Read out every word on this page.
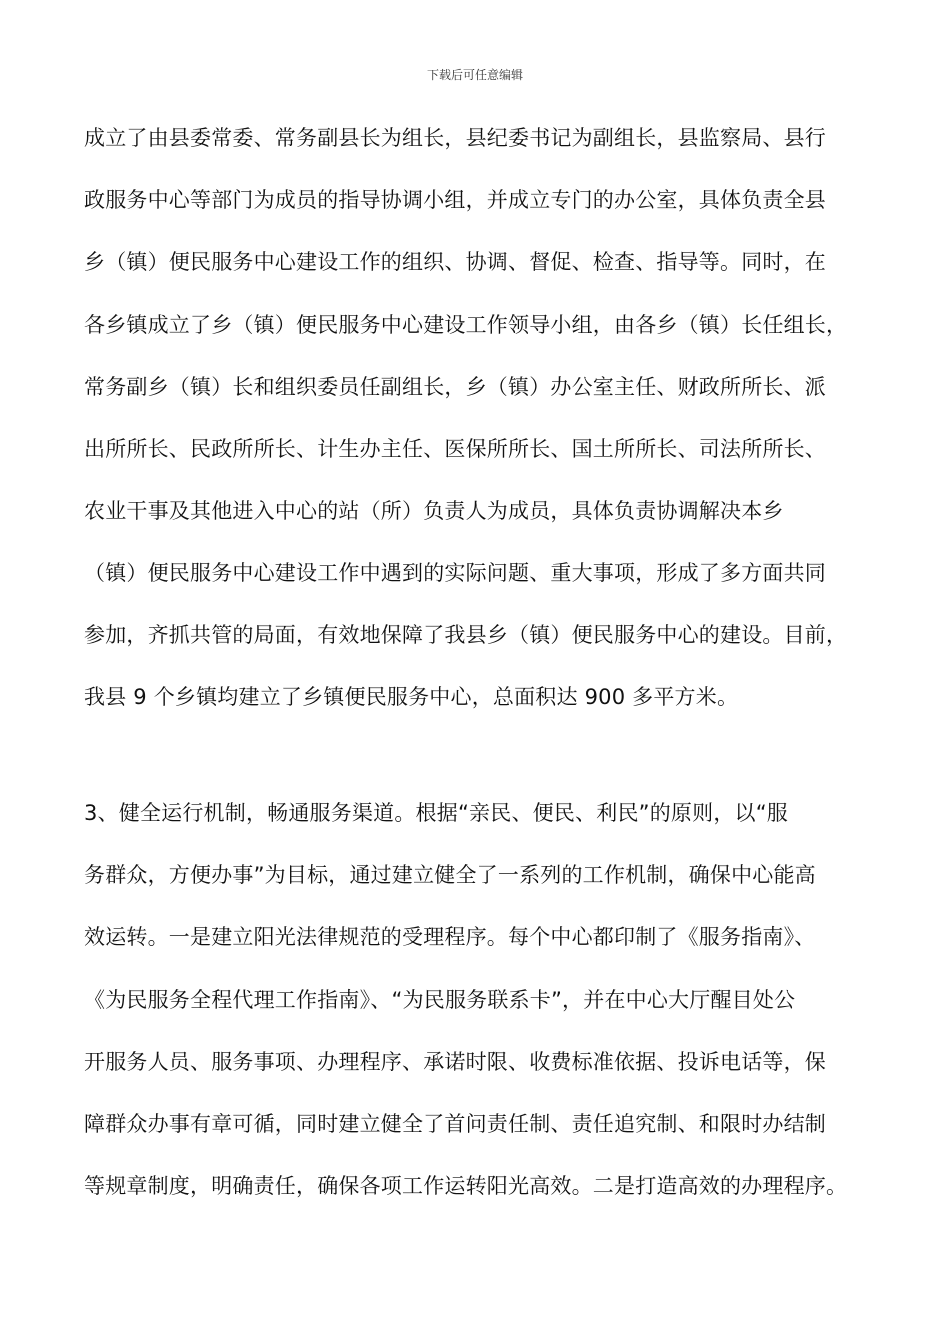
下载后可任意编辑
成立了由县委常委、常务副县长为组长，县纪委书记为副组长，县监察局、县行
政服务中心等部门为成员的指导协调小组，并成立专门的办公室，具体负责全县
乡（镇）便民服务中心建设工作的组织、协调、督促、检查、指导等。同时，在
各乡镇成立了乡（镇）便民服务中心建设工作领导小组，由各乡（镇）长任组长，
常务副乡（镇）长和组织委员任副组长，乡（镇）办公室主任、财政所所长、派
出所所长、民政所所长、计生办主任、医保所所长、国土所所长、司法所所长、
农业干事及其他进入中心的站（所）负责人为成员，具体负责协调解决本乡
（镇）便民服务中心建设工作中遇到的实际问题、重大事项，形成了多方面共同
参加，齐抓共管的局面，有效地保障了我县乡（镇）便民服务中心的建设。目前，
我县 9 个乡镇均建立了乡镇便民服务中心，总面积达 900 多平方米。
3、健全运行机制，畅通服务渠道。根据“亲民、便民、利民”的原则，以“服
务群众，方便办事”为目标，通过建立健全了一系列的工作机制，确保中心能高
效运转。一是建立阳光法律规范的受理程序。每个中心都印制了《服务指南》、
《为民服务全程代理工作指南》、“为民服务联系卡”，并在中心大厅醒目处公
开服务人员、服务事项、办理程序、承诺时限、收费标准依据、投诉电话等，保
障群众办事有章可循，同时建立健全了首问责任制、责任追究制、和限时办结制
等规章制度，明确责任，确保各项工作运转阳光高效。二是打造高效的办理程序。
